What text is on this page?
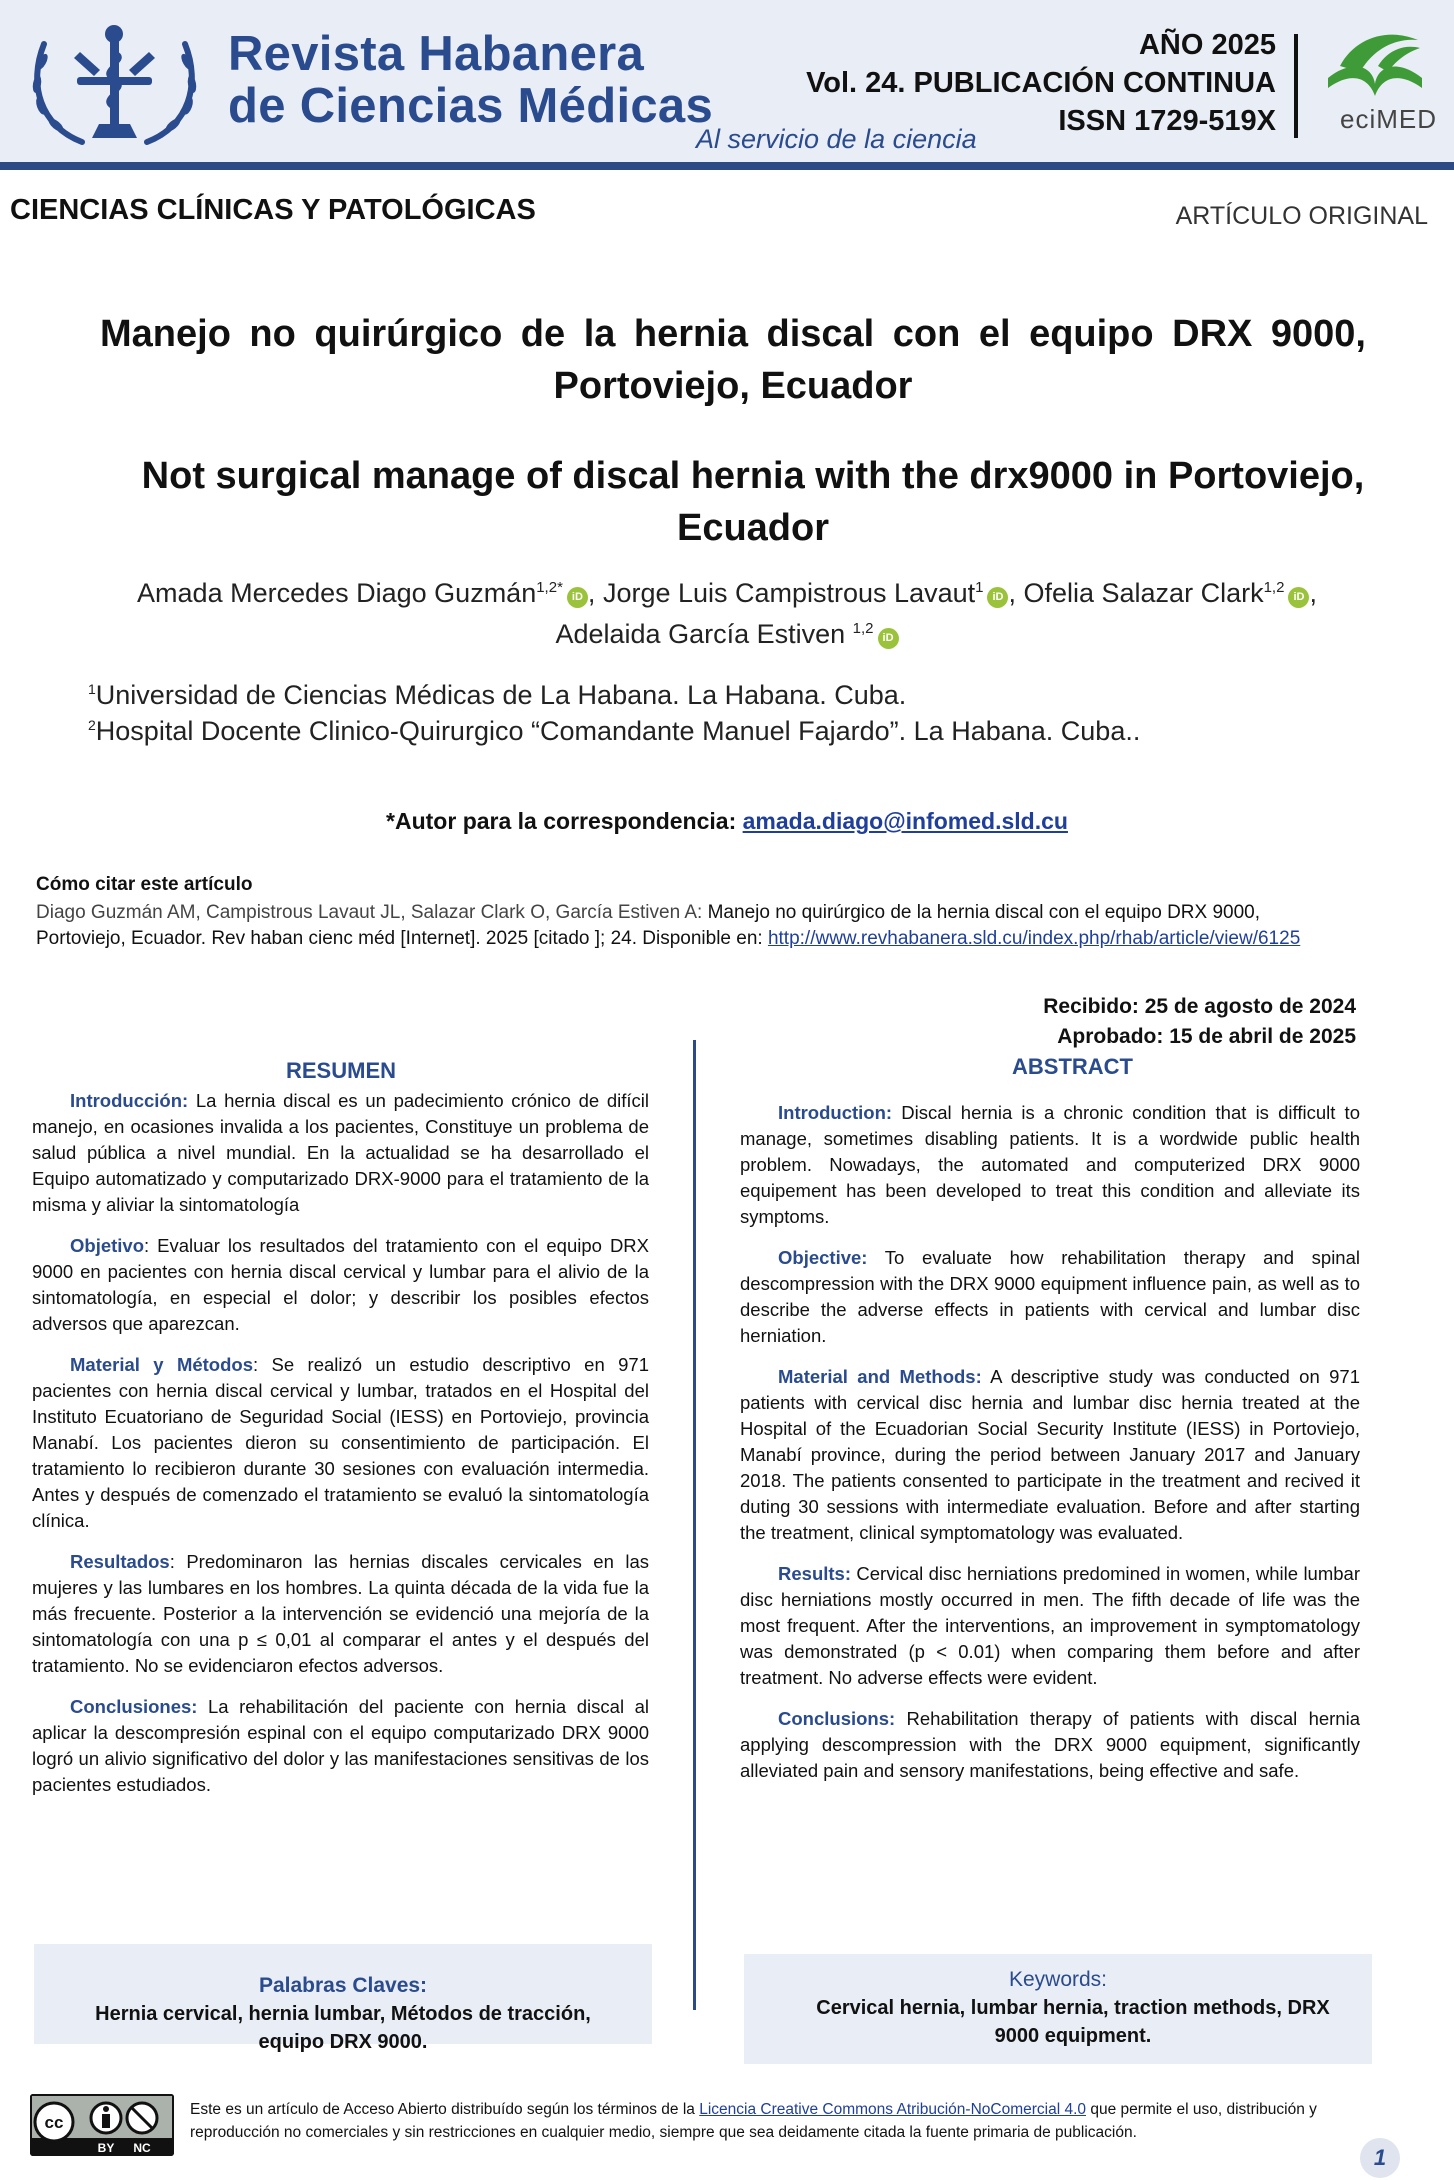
Revista Habanera
de Ciencias Médicas
Al servicio de la ciencia
AÑO 2025
Vol. 24. PUBLICACIÓN CONTINUA
ISSN 1729-519X eciMED
CIENCIAS CLÍNICAS Y PATOLÓGICAS	ARTÍCULO ORIGINAL
Manejo no quirúrgico de la hernia discal con el equipo DRX 9000, Portoviejo, Ecuador
Not surgical manage of discal hernia with the drx9000 in Portoviejo, Ecuador
Amada Mercedes Diago Guzmán$^{1,2*}$iD , Jorge Luis Campistrous Lavaut$^1$iD , Ofelia Salazar Clark$^{1,2}$iD ,
Adelaida García Estiven $^{1,2}$iD
$^1$Universidad de Ciencias Médicas de La Habana. La Habana. Cuba.
$^2$Hospital Docente Clinico-Quirurgico “Comandante Manuel Fajardo”. La Habana. Cuba..
*Autor para la correspondencia: amada.diago@infomed.sld.cu
Cómo citar este artículo
Diago Guzmán AM, Campistrous Lavaut JL, Salazar Clark O, García Estiven A: Manejo no quirúrgico de la hernia discal con el equipo DRX 9000, Portoviejo, Ecuador. Rev haban cienc méd [Internet]. 2025 [citado ]; 24. Disponible en: http://www.revhabanera.sld.cu/index.php/rhab/article/view/6125
Recibido: 25 de agosto de 2024
Aprobado: 15 de abril de 2025
RESUMEN

Introducción: La hernia discal es un padecimiento crónico de difícil manejo, en ocasiones invalida a los pacientes, Constituye un problema de salud pública a nivel mundial. En la actualidad se ha desarrollado el Equipo automatizado y computarizado DRX-9000 para el tratamiento de la misma y aliviar la sintomatología

Objetivo: Evaluar los resultados del tratamiento con el equipo DRX 9000 en pacientes con hernia discal cervical y lumbar para el alivio de la sintomatología, en especial el dolor; y describir los posibles efectos adversos que aparezcan.

Material y Métodos: Se realizó un estudio descriptivo en 971 pacientes con hernia discal cervical y lumbar, tratados en el Hospital del Instituto Ecuatoriano de Seguridad Social (IESS) en Portoviejo, provincia Manabí. Los pacientes dieron su consentimiento de participación. El tratamiento lo recibieron durante 30 sesiones con evaluación intermedia. Antes y después de comenzado el tratamiento se evaluó la sintomatología clínica.

Resultados: Predominaron las hernias discales cervicales en las mujeres y las lumbares en los hombres. La quinta década de la vida fue la más frecuente. Posterior a la intervención se evidenció una mejoría de la sintomatología con una p ≤ 0,01 al comparar el antes y el después del tratamiento. No se evidenciaron efectos adversos.

Conclusiones: La rehabilitación del paciente con hernia discal al aplicar la descompresión espinal con el equipo computarizado DRX 9000 logró un alivio significativo del dolor y las manifestaciones sensitivas de los pacientes estudiados.

ABSTRACT

Introduction: Discal hernia is a chronic condition that is difficult to manage, sometimes disabling patients. It is a wordwide public health problem. Nowadays, the automated and computerized DRX 9000 equipement has been developed to treat this condition and alleviate its symptoms.

Objective: To evaluate how rehabilitation therapy and spinal descompression with the DRX 9000 equipment influence pain, as well as to describe the adverse effects in patients with cervical and lumbar disc herniation.

Material and Methods: A descriptive study was conducted on 971 patients with cervical disc hernia and lumbar disc hernia treated at the Hospital of the Ecuadorian Social Security Institute (IESS) in Portoviejo, Manabí province, during the period between January 2017 and January 2018. The patients consented to participate in the treatment and recived it duting 30 sessions with intermediate evaluation. Before and after starting the treatment, clinical symptomatology was evaluated.

Results: Cervical disc herniations predomined in women, while lumbar disc herniations mostly occurred in men. The fifth decade of life was the most frequent. After the interventions, an improvement in symptomatology was demonstrated (p < 0.01) when comparing them before and after treatment. No adverse effects were evident.

Conclusions: Rehabilitation therapy of patients with discal hernia applying descompression with the DRX 9000 equipment, significantly alleviated pain and sensory manifestations, being effective and safe.

Palabras Claves:
Hernia cervical, hernia lumbar, Métodos de tracción, equipo DRX 9000.
Keywords:
Cervical hernia, lumbar hernia, traction methods, DRX 9000 equipment.
cc
BY NC
Este es un artículo de Acceso Abierto distribuído según los términos de la Licencia Creative Commons Atribución-NoComercial 4.0 que permite el uso, distribución y reproducción no comerciales y sin restricciones en cualquier medio, siempre que sea deidamente citada la fuente primaria de publicación.
1
